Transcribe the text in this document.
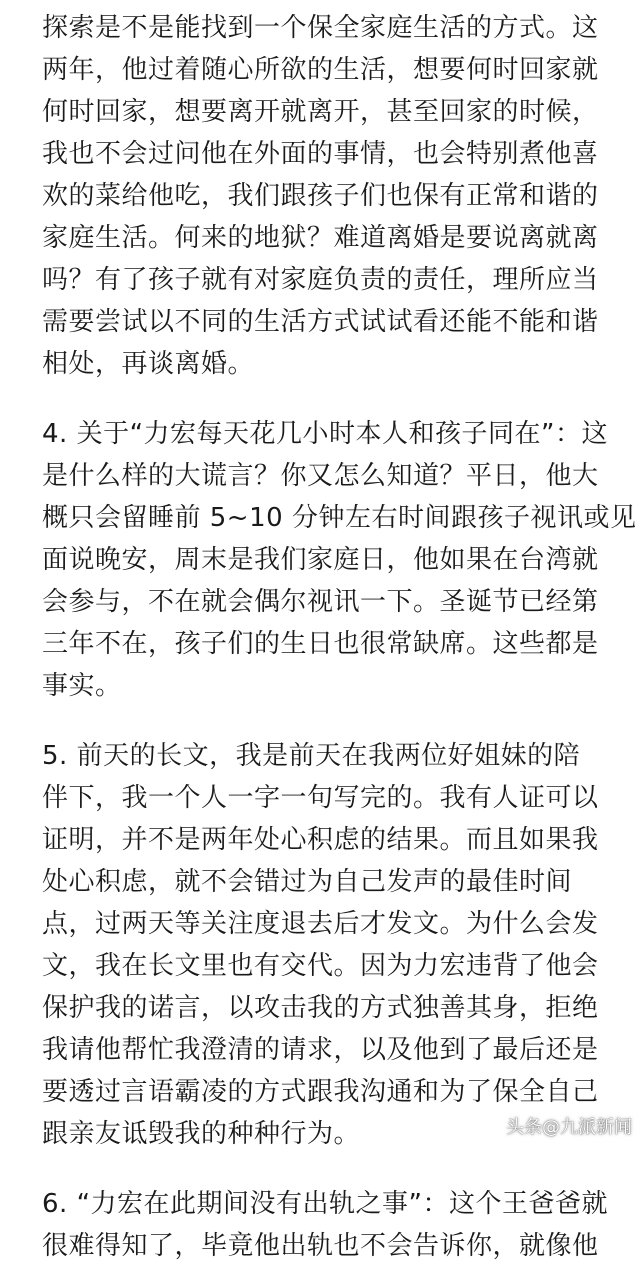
探索是不是能找到一个保全家庭生活的方式。这
两年，他过着随心所欲的生活，想要何时回家就
何时回家，想要离开就离开，甚至回家的时候，
我也不会过问他在外面的事情，也会特别煮他喜
欢的菜给他吃，我们跟孩子们也保有正常和谐的
家庭生活。何来的地狱？难道离婚是要说离就离
吗？有了孩子就有对家庭负责的责任，理所应当
需要尝试以不同的生活方式试试看还能不能和谐
相处，再谈离婚。
4. 关于“力宏每天花几小时本人和孩子同在”：这
是什么样的大谎言？你又怎么知道？平日，他大
概只会留睡前 5~10 分钟左右时间跟孩子视讯或见
面说晚安，周末是我们家庭日，他如果在台湾就
会参与，不在就会偶尔视讯一下。圣诞节已经第
三年不在，孩子们的生日也很常缺席。这些都是
事实。
5. 前天的长文，我是前天在我两位好姐妹的陪
伴下，我一个人一字一句写完的。我有人证可以
证明，并不是两年处心积虑的结果。而且如果我
处心积虑，就不会错过为自己发声的最佳时间
点，过两天等关注度退去后才发文。为什么会发
文，我在长文里也有交代。因为力宏违背了他会
保护我的诺言，以攻击我的方式独善其身，拒绝
我请他帮忙我澄清的请求，以及他到了最后还是
要透过言语霸凌的方式跟我沟通和为了保全自己
跟亲友诋毁我的种种行为。
6. “力宏在此期间没有出轨之事”：这个王爸爸就
很难得知了，毕竟他出轨也不会告诉你，就像他
头条@九派新闻
